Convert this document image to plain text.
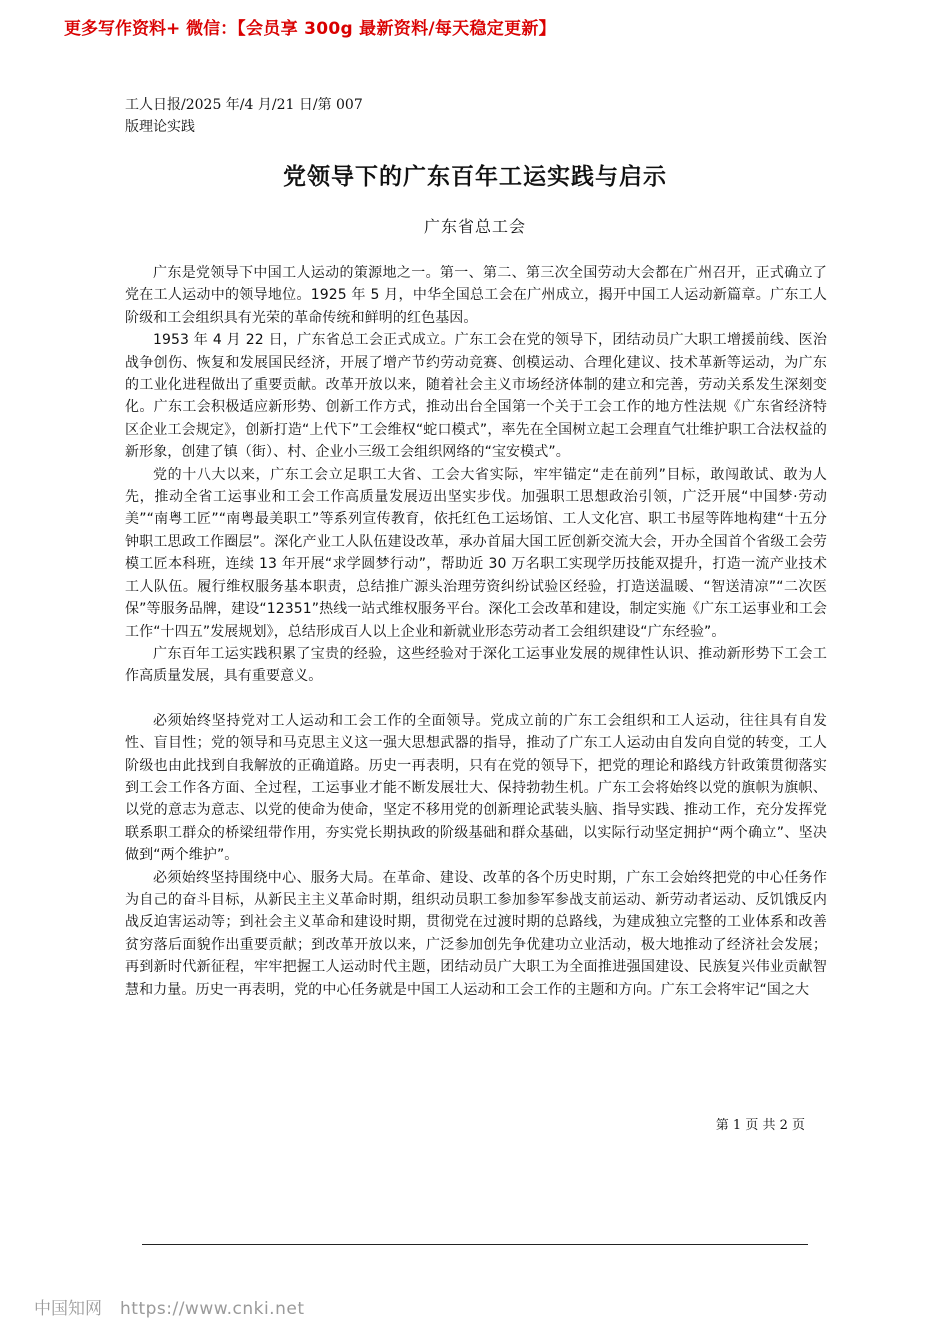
更多写作资料+ 微信：【会员享 300g 最新资料/每天稳定更新】
工人日报/2025 年/4 月/21 日/第 007
版理论实践
党领导下的广东百年工运实践与启示
广东省总工会

广东是党领导下中国工人运动的策源地之一。第一、第二、第三次全国劳动大会都在广州召开，正式确立了党在工人运动中的领导地位。1925 年 5 月，中华全国总工会在广州成立，揭开中国工人运动新篇章。广东工人阶级和工会组织具有光荣的革命传统和鲜明的红色基因。

1953 年 4 月 22 日，广东省总工会正式成立。广东工会在党的领导下，团结动员广大职工增援前线、医治战争创伤、恢复和发展国民经济，开展了增产节约劳动竞赛、创模运动、合理化建议、技术革新等运动，为广东的工业化进程做出了重要贡献。改革开放以来，随着社会主义市场经济体制的建立和完善，劳动关系发生深刻变化。广东工会积极适应新形势、创新工作方式，推动出台全国第一个关于工会工作的地方性法规《广东省经济特区企业工会规定》，创新打造“上代下”工会维权“蛇口模式”，率先在全国树立起工会理直气壮维护职工合法权益的新形象，创建了镇（街）、村、企业小三级工会组织网络的“宝安模式”。

党的十八大以来，广东工会立足职工大省、工会大省实际，牢牢锚定“走在前列”目标，敢闯敢试、敢为人先，推动全省工运事业和工会工作高质量发展迈出坚实步伐。加强职工思想政治引领，广泛开展“中国梦·劳动美”“南粤工匠”“南粤最美职工”等系列宣传教育，依托红色工运场馆、工人文化宫、职工书屋等阵地构建“十五分钟职工思政工作圈层”。深化产业工人队伍建设改革，承办首届大国工匠创新交流大会，开办全国首个省级工会劳模工匠本科班，连续 13 年开展“求学圆梦行动”，帮助近 30 万名职工实现学历技能双提升，打造一流产业技术工人队伍。履行维权服务基本职责，总结推广源头治理劳资纠纷试验区经验，打造送温暖、“智送清凉”“二次医保”等服务品牌，建设“12351”热线一站式维权服务平台。深化工会改革和建设，制定实施《广东工运事业和工会工作“十四五”发展规划》，总结形成百人以上企业和新就业形态劳动者工会组织建设“广东经验”。

广东百年工运实践积累了宝贵的经验，这些经验对于深化工运事业发展的规律性认识、推动新形势下工会工作高质量发展，具有重要意义。

必须始终坚持党对工人运动和工会工作的全面领导。党成立前的广东工会组织和工人运动，往往具有自发性、盲目性；党的领导和马克思主义这一强大思想武器的指导，推动了广东工人运动由自发向自觉的转变，工人阶级也由此找到自我解放的正确道路。历史一再表明，只有在党的领导下，把党的理论和路线方针政策贯彻落实到工会工作各方面、全过程，工运事业才能不断发展壮大、保持勃勃生机。广东工会将始终以党的旗帜为旗帜、以党的意志为意志、以党的使命为使命，坚定不移用党的创新理论武装头脑、指导实践、推动工作，充分发挥党联系职工群众的桥梁纽带作用，夯实党长期执政的阶级基础和群众基础，以实际行动坚定拥护“两个确立”、坚决做到“两个维护”。

必须始终坚持围绕中心、服务大局。在革命、建设、改革的各个历史时期，广东工会始终把党的中心任务作为自己的奋斗目标，从新民主主义革命时期，组织动员职工参加参军参战支前运动、新劳动者运动、反饥饿反内战反迫害运动等；到社会主义革命和建设时期，贯彻党在过渡时期的总路线，为建成独立完整的工业体系和改善贫穷落后面貌作出重要贡献；到改革开放以来，广泛参加创先争优建功立业活动，极大地推动了经济社会发展；再到新时代新征程，牢牢把握工人运动时代主题，团结动员广大职工为全面推进强国建设、民族复兴伟业贡献智慧和力量。历史一再表明，党的中心任务就是中国工人运动和工会工作的主题和方向。广东工会将牢记“国之大

第 1 页 共 2 页
中国知网 https://www.cnki.net
